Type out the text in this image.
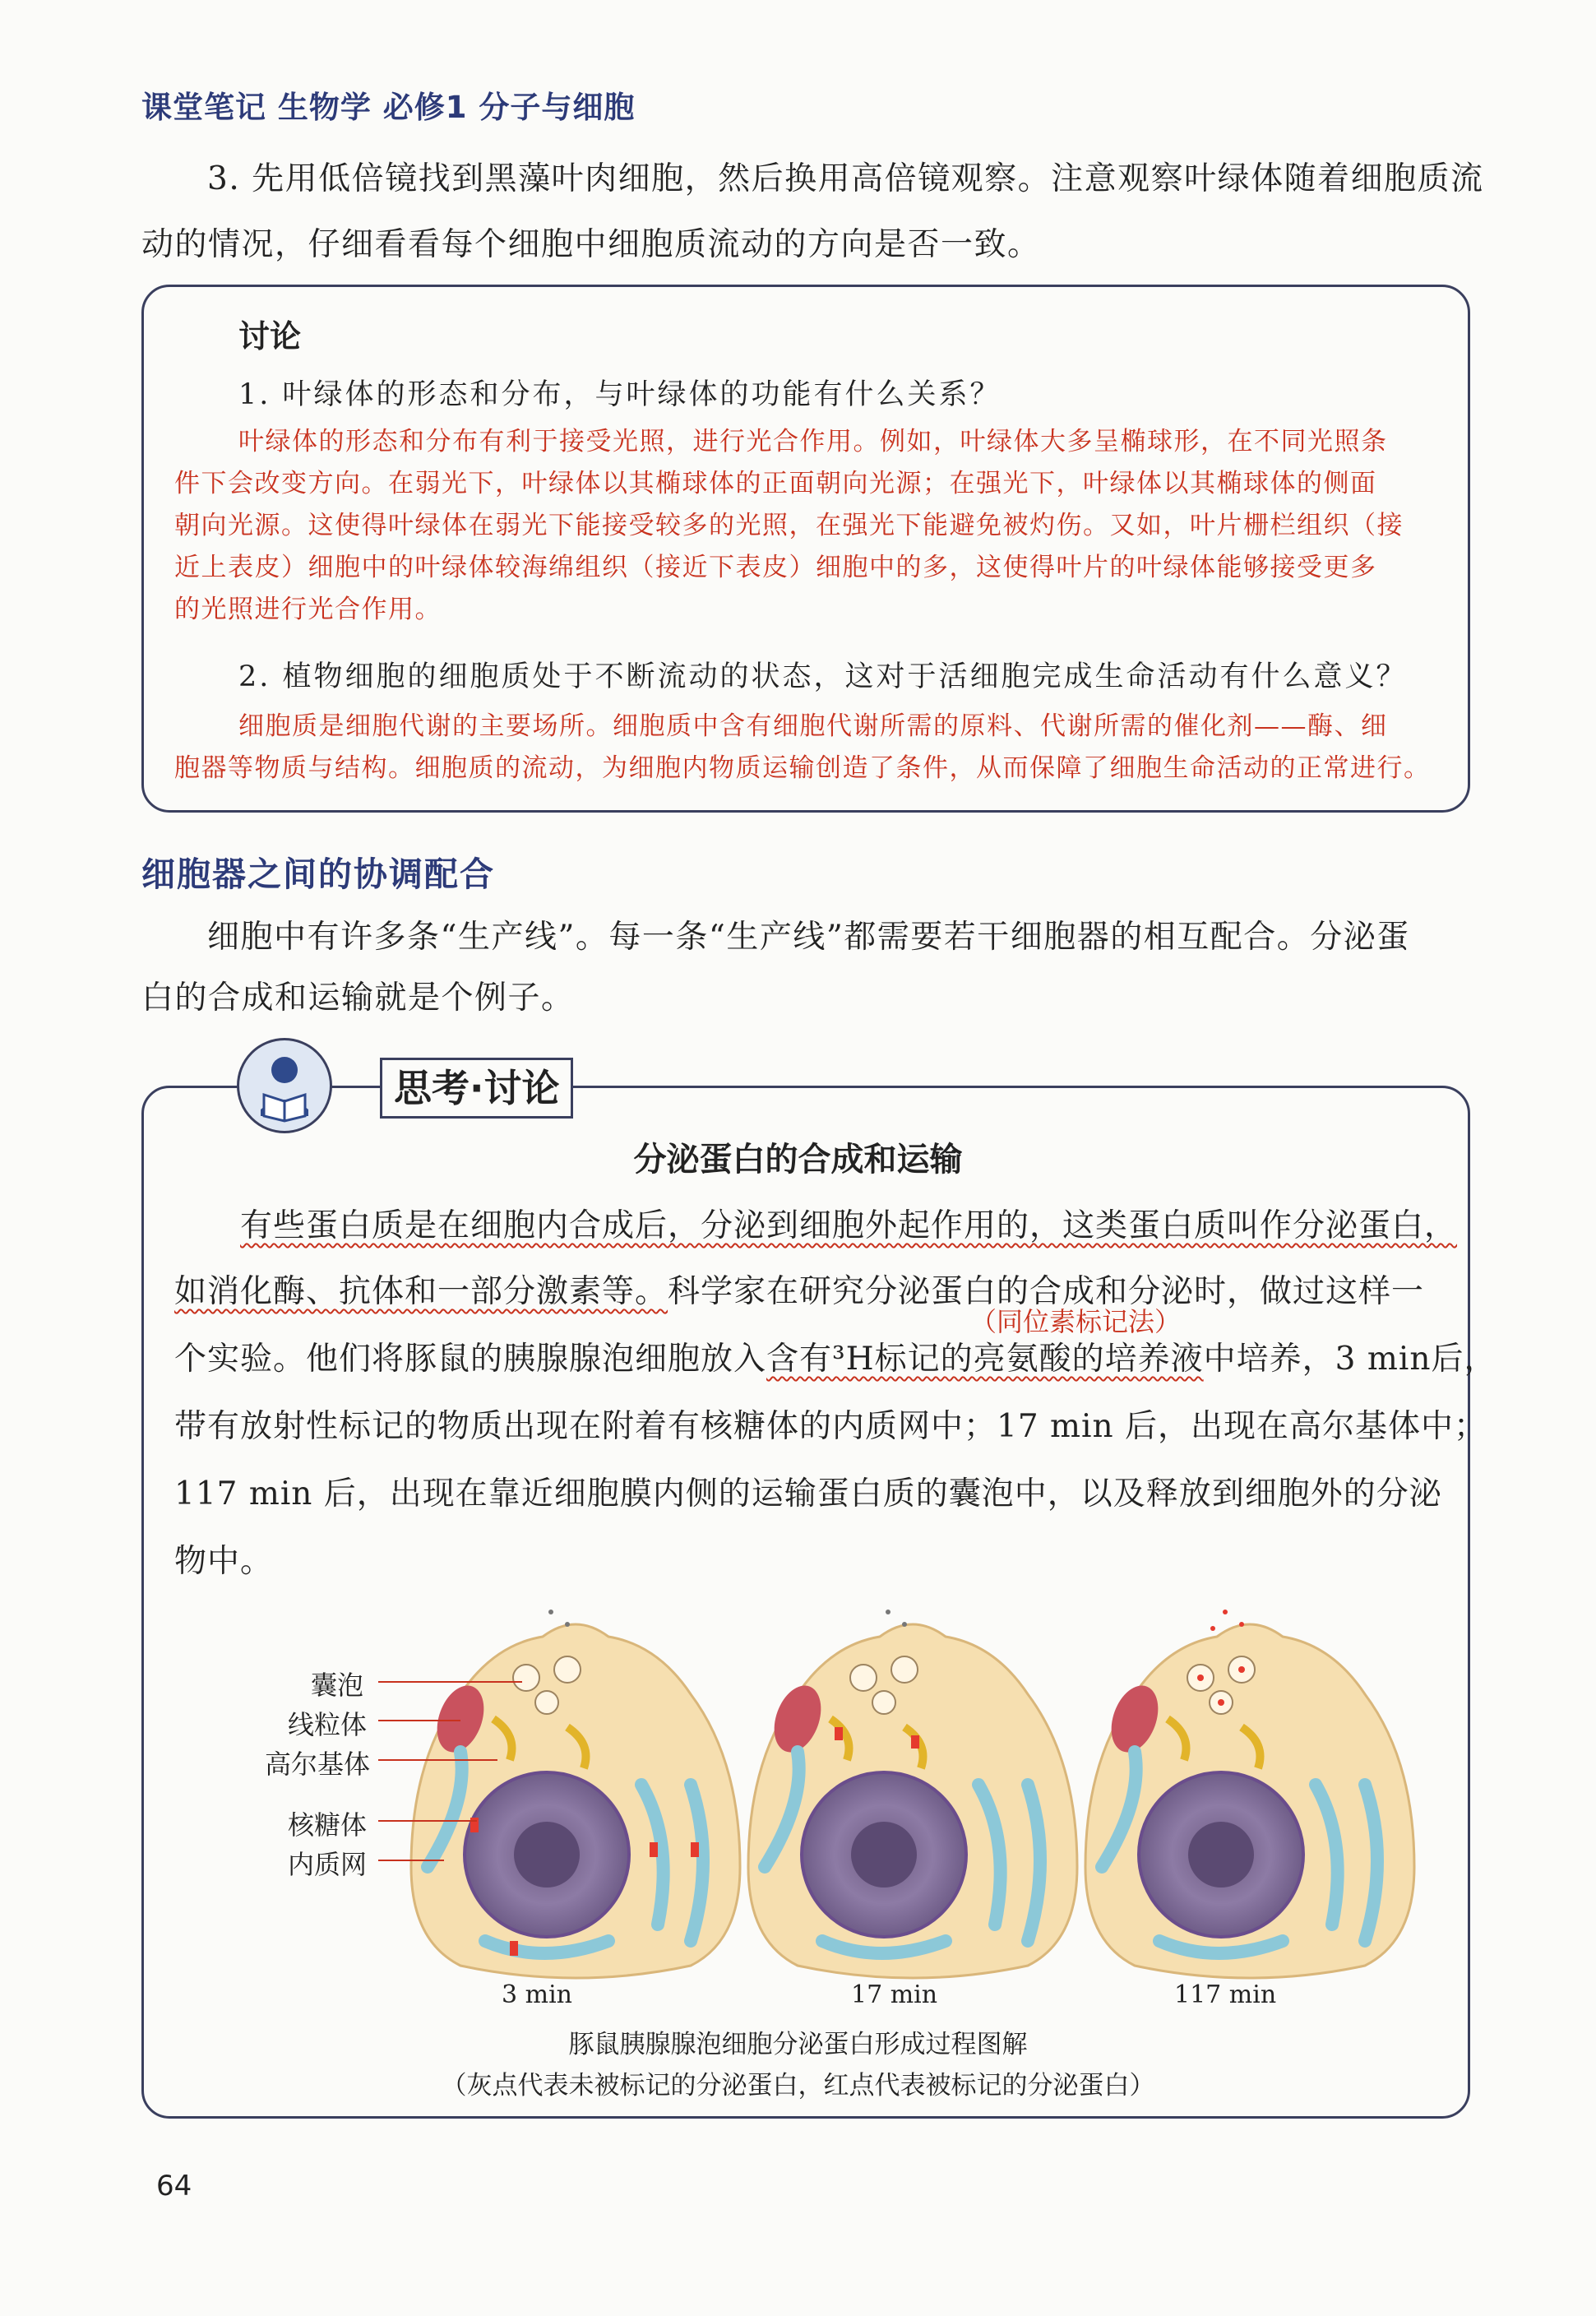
课堂笔记 生物学 必修1 分子与细胞
3. 先用低倍镜找到黑藻叶肉细胞，然后换用高倍镜观察。注意观察叶绿体随着细胞质流
动的情况，仔细看看每个细胞中细胞质流动的方向是否一致。
讨论
1. 叶绿体的形态和分布，与叶绿体的功能有什么关系？
叶绿体的形态和分布有利于接受光照，进行光合作用。例如，叶绿体大多呈椭球形，在不同光照条
件下会改变方向。在弱光下，叶绿体以其椭球体的正面朝向光源；在强光下，叶绿体以其椭球体的侧面
朝向光源。这使得叶绿体在弱光下能接受较多的光照，在强光下能避免被灼伤。又如，叶片栅栏组织（接
近上表皮）细胞中的叶绿体较海绵组织（接近下表皮）细胞中的多，这使得叶片的叶绿体能够接受更多
的光照进行光合作用。
2. 植物细胞的细胞质处于不断流动的状态，这对于活细胞完成生命活动有什么意义？
细胞质是细胞代谢的主要场所。细胞质中含有细胞代谢所需的原料、代谢所需的催化剂——酶、细
胞器等物质与结构。细胞质的流动，为细胞内物质运输创造了条件，从而保障了细胞生命活动的正常进行。
细胞器之间的协调配合
细胞中有许多条“生产线”。每一条“生产线”都需要若干细胞器的相互配合。分泌蛋
白的合成和运输就是个例子。
思考·讨论
分泌蛋白的合成和运输
有些蛋白质是在细胞内合成后，分泌到细胞外起作用的，这类蛋白质叫作分泌蛋白，
如消化酶、抗体和一部分激素等。科学家在研究分泌蛋白的合成和分泌时，做过这样一
（同位素标记法）
个实验。他们将豚鼠的胰腺腺泡细胞放入含有³H标记的亮氨酸的培养液中培养，3 min后，
带有放射性标记的物质出现在附着有核糖体的内质网中；17 min 后，出现在高尔基体中；
117 min 后，出现在靠近细胞膜内侧的运输蛋白质的囊泡中，以及释放到细胞外的分泌
物中。
囊泡
线粒体
高尔基体
核糖体
内质网
3 min	17 min	117 min
豚鼠胰腺腺泡细胞分泌蛋白形成过程图解
（灰点代表未被标记的分泌蛋白，红点代表被标记的分泌蛋白）
64
